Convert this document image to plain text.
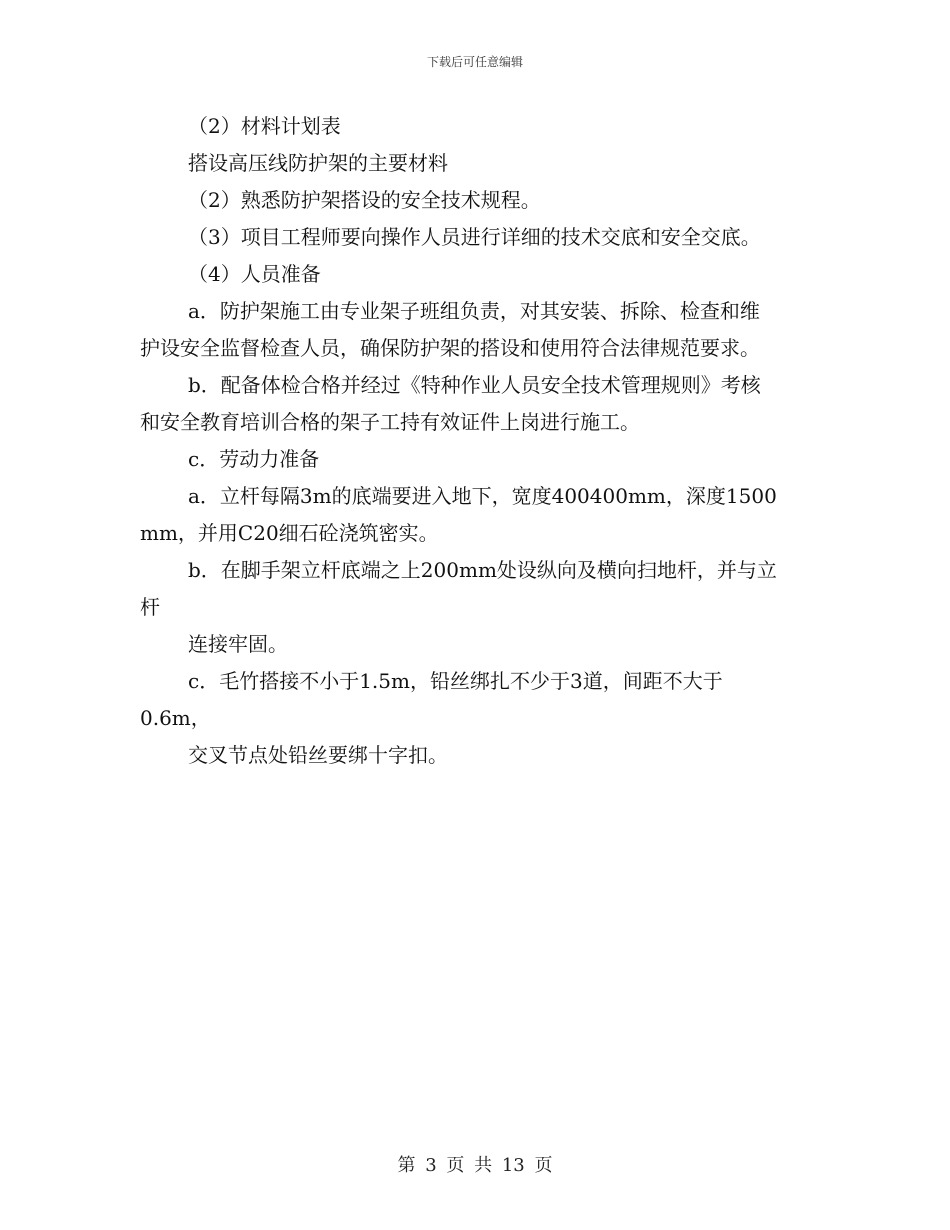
下载后可任意编辑
（2）材料计划表
搭设高压线防护架的主要材料
（2）熟悉防护架搭设的安全技术规程。
（3）项目工程师要向操作人员进行详细的技术交底和安全交底。
（4）人员准备
a．防护架施工由专业架子班组负责，对其安装、拆除、检查和维
护设安全监督检查人员，确保防护架的搭设和使用符合法律规范要求。
b．配备体检合格并经过《特种作业人员安全技术管理规则》考核
和安全教育培训合格的架子工持有效证件上岗进行施工。
c．劳动力准备
a．立杆每隔3m的底端要进入地下，宽度400400mm，深度1500
mm，并用C20细石砼浇筑密实。
b．在脚手架立杆底端之上200mm处设纵向及横向扫地杆，并与立
杆
连接牢固。
c．毛竹搭接不小于1.5m，铅丝绑扎不少于3道，间距不大于
0.6m，
交叉节点处铅丝要绑十字扣。
第 3 页 共 13 页
